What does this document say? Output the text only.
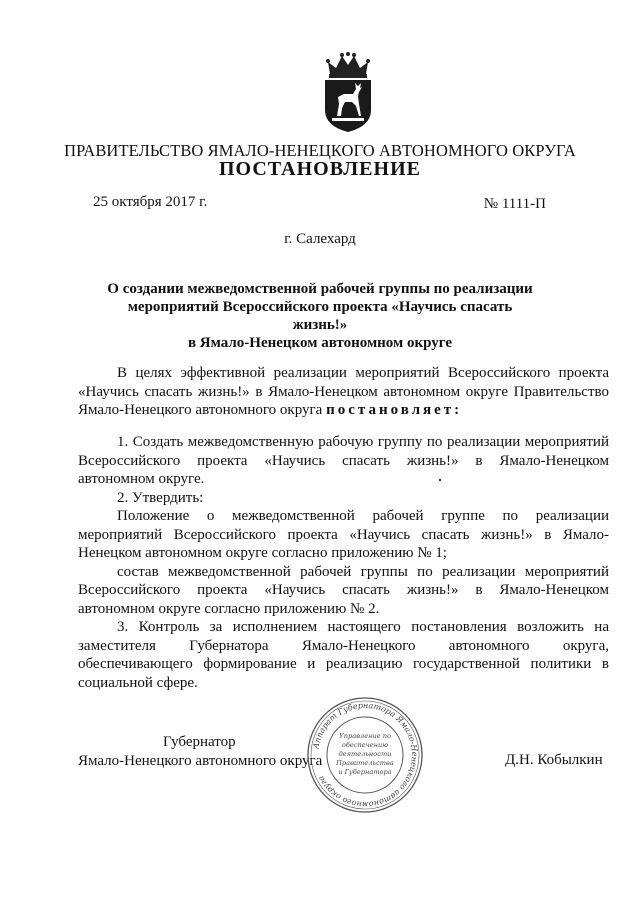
ПРАВИТЕЛЬСТВО ЯМАЛО-НЕНЕЦКОГО АВТОНОМНОГО ОКРУГА
ПОСТАНОВЛЕНИЕ
25 октября 2017 г.	№ 1111-П
г. Салехард
О создании межведомственной рабочей группы по реализации
мероприятий Всероссийского проекта «Научись спасать жизнь!»
в Ямало-Ненецком автономном округе

В целях эффективной реализации мероприятий Всероссийского проекта «Научись спасать жизнь!» в Ямало-Ненецком автономном округе Правительство Ямало-Ненецкого автономного округа постановляет:

1. Создать межведомственную рабочую группу по реализации мероприятий Всероссийского проекта «Научись спасать жизнь!» в Ямало-Ненецком автономном округе.

2. Утвердить:

Положение о межведомственной рабочей группе по реализации мероприятий Всероссийского проекта «Научись спасать жизнь!» в Ямало-Ненецком автономном округе согласно приложению № 1;

состав межведомственной рабочей группы по реализации мероприятий Всероссийского проекта «Научись спасать жизнь!» в Ямало-Ненецком автономном округе согласно приложению № 2.

3. Контроль за исполнением настоящего постановления возложить на заместителя Губернатора Ямало-Ненецкого автономного округа, обеспечивающего формирование и реализацию государственной политики в социальной сфере.

Губернатор
Ямало-Ненецкого автономного округа
Аппарат Губернатора Ямало-Ненецкого автономного округа
Управление по
обеспечению
деятельности
Правительства
и Губернатора
Д.Н. Кобылкин
